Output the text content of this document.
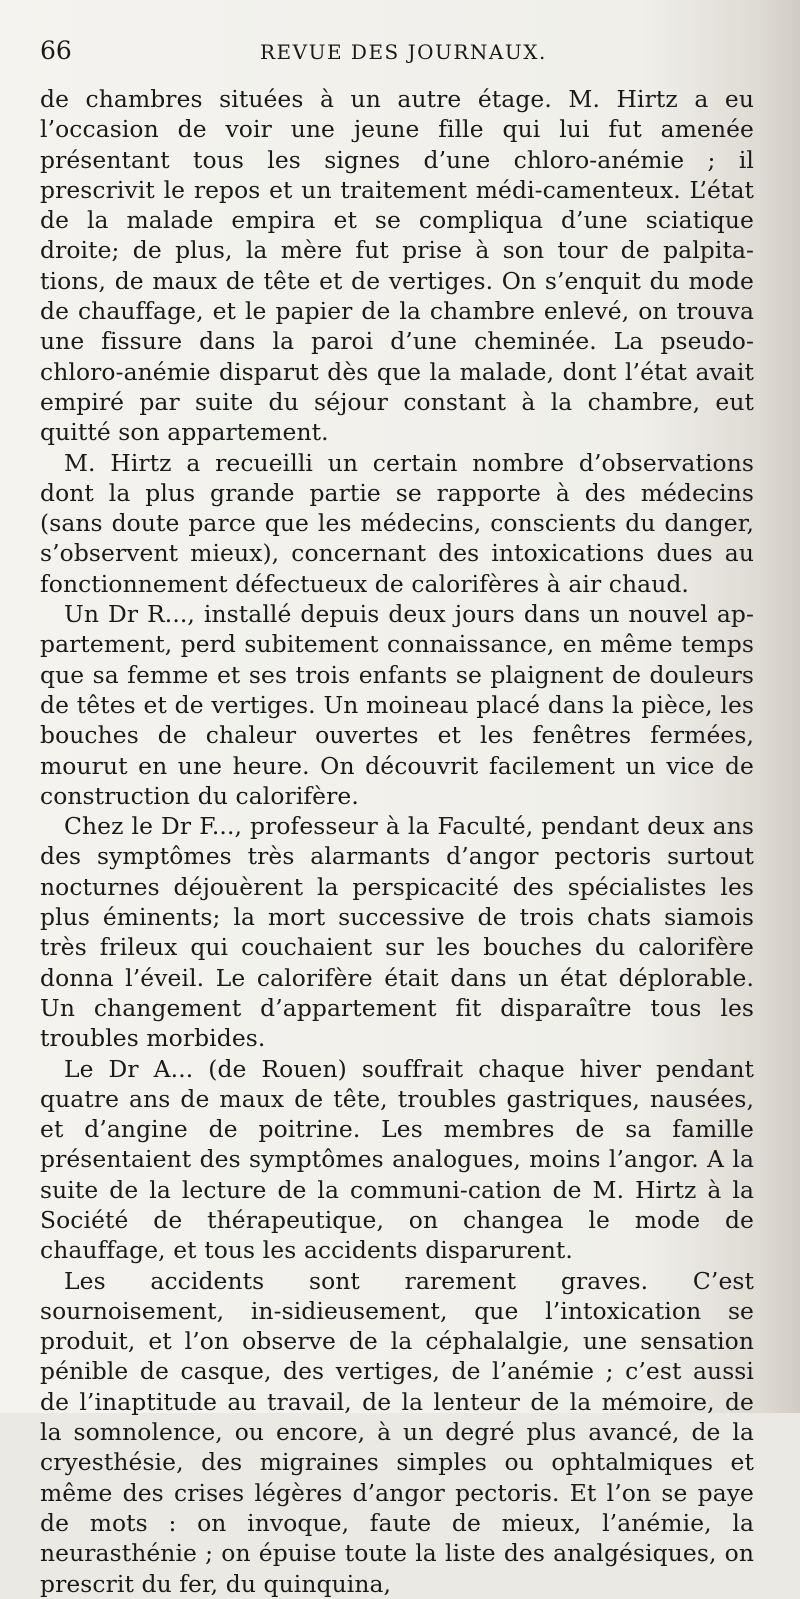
66	REVUE DES JOURNAUX.

de chambres situées à un autre étage. M. Hirtz a eu l’occasion de voir une jeune fille qui lui fut amenée présentant tous les signes d’une chloro-anémie ; il prescrivit le repos et un traitement médi-camenteux. L’état de la malade empira et se compliqua d’une sciatique droite; de plus, la mère fut prise à son tour de palpita-tions, de maux de tête et de vertiges. On s’enquit du mode de chauffage, et le papier de la chambre enlevé, on trouva une fissure dans la paroi d’une cheminée. La pseudo-chloro-anémie disparut dès que la malade, dont l’état avait empiré par suite du séjour constant à la chambre, eut quitté son appartement.

M. Hirtz a recueilli un certain nombre d’observations dont la plus grande partie se rapporte à des médecins (sans doute parce que les médecins, conscients du danger, s’observent mieux), concernant des intoxications dues au fonctionnement défectueux de calorifères à air chaud.

Un Dr R..., installé depuis deux jours dans un nouvel ap-partement, perd subitement connaissance, en même temps que sa femme et ses trois enfants se plaignent de douleurs de têtes et de vertiges. Un moineau placé dans la pièce, les bouches de chaleur ouvertes et les fenêtres fermées, mourut en une heure. On découvrit facilement un vice de construction du calorifère.

Chez le Dr F..., professeur à la Faculté, pendant deux ans des symptômes très alarmants d’angor pectoris surtout nocturnes déjouèrent la perspicacité des spécialistes les plus éminents; la mort successive de trois chats siamois très frileux qui couchaient sur les bouches du calorifère donna l’éveil. Le calorifère était dans un état déplorable. Un changement d’appartement fit disparaître tous les troubles morbides.

Le Dr A... (de Rouen) souffrait chaque hiver pendant quatre ans de maux de tête, troubles gastriques, nausées, et d’angine de poitrine. Les membres de sa famille présentaient des symptômes analogues, moins l’angor. A la suite de la lecture de la communi-cation de M. Hirtz à la Société de thérapeutique, on changea le mode de chauffage, et tous les accidents disparurent.

Les accidents sont rarement graves. C’est sournoisement, in-sidieusement, que l’intoxication se produit, et l’on observe de la céphalalgie, une sensation pénible de casque, des vertiges, de l’anémie ; c’est aussi de l’inaptitude au travail, de la lenteur de la mémoire, de la somnolence, ou encore, à un degré plus avancé, de la cryesthésie, des migraines simples ou ophtalmiques et même des crises légères d’angor pectoris. Et l’on se paye de mots : on invoque, faute de mieux, l’anémie, la neurasthénie ; on épuise toute la liste des analgésiques, on prescrit du fer, du quinquina,
